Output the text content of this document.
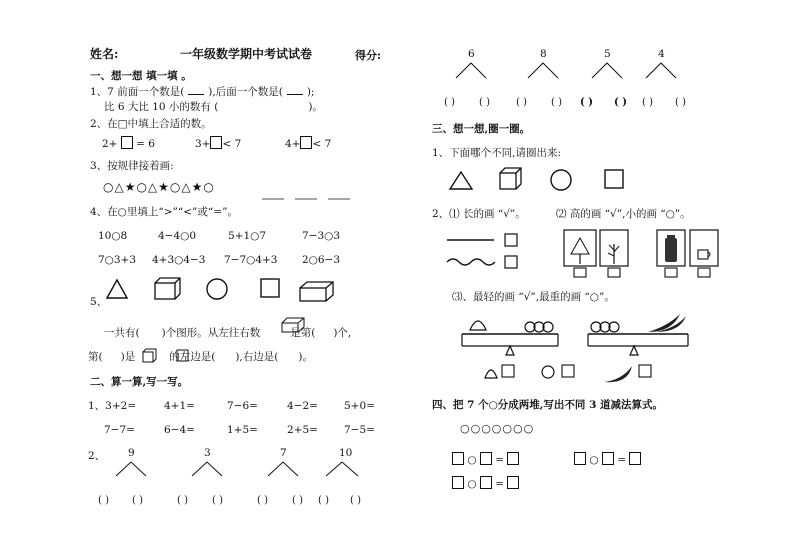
姓名:	一年级数学期中考试试卷	得分:
一、想一想 填一填 。
1、7 前面一个数是( ),后面一个数是( );
比 6 大比 10 小的数有 (	)。
2、在□中填上合适的数。
2+ = 6	3+ < 7	4+ < 7
3、按规律接着画:
○△★○△★○△★○
4、在○里填上“>”“<”或“=”。
10○8	4−4○0	5+1○7	7−3○3
7○3+3 4+3○4−3 7−7○4+3 2○6−3
5、
一共有( )个图形。从左往右数	是第( )个,
第( )是	的左边是( ),右边是( )。
二、算一算,写一写。
1、3+2=	4+1=	7−6=	4−2= 5+0=
7−7=	6−4=	1+5=	2+5= 7−5=
2、 9	3	7	10
( ) ( )	( ) ( )	( ) ( ) ( ) ( )
6	8	5	4
( ) ( )	( ) ( ) ( ) ( ) ( ) ( )
三、想一想,圈一圈。
1、下面哪个不同,请圈出来:
2、⑴ 长的画 “√”。	⑵ 高的画 “√”,小的画 “○”。
⑶、最轻的画 “√”,最重的画 “○”。
四、把 7 个○分成两堆,写出不同 3 道减法算式。
○○○○○○○
○ =	○ =
○ =
